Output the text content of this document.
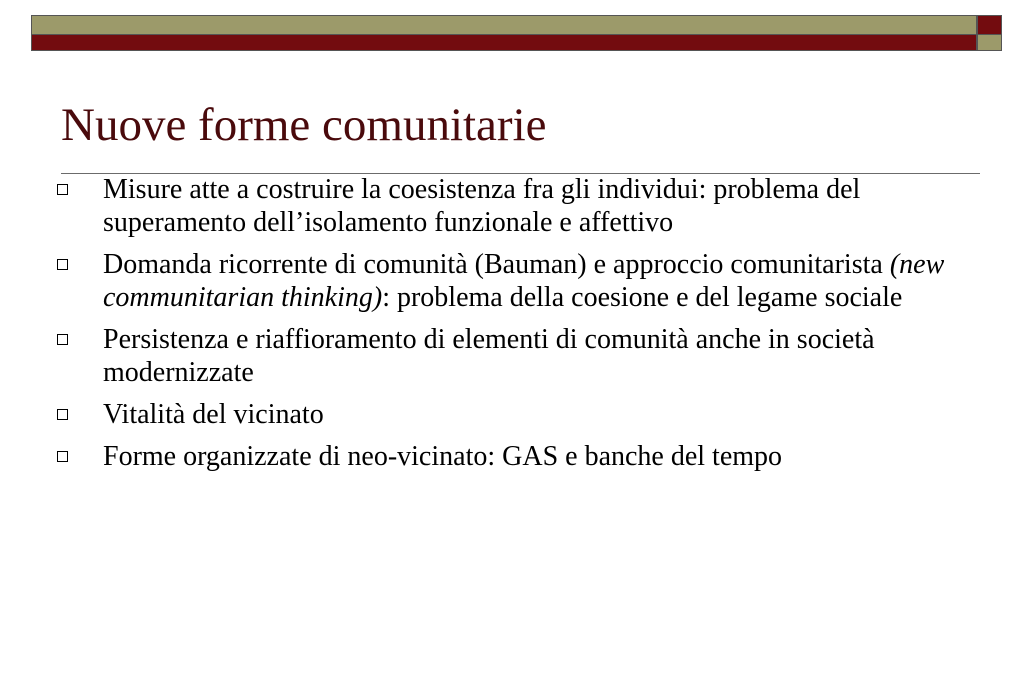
Nuove forme comunitarie
Misure atte a costruire la coesistenza fra gli individui: problema del superamento dell’isolamento funzionale e affettivo
Domanda ricorrente di comunità (Bauman) e approccio comunitarista (new communitarian thinking): problema della coesione e del legame sociale
Persistenza e riaffioramento di elementi di comunità anche in società modernizzate
Vitalità del vicinato
Forme organizzate di neo-vicinato: GAS e banche del tempo
